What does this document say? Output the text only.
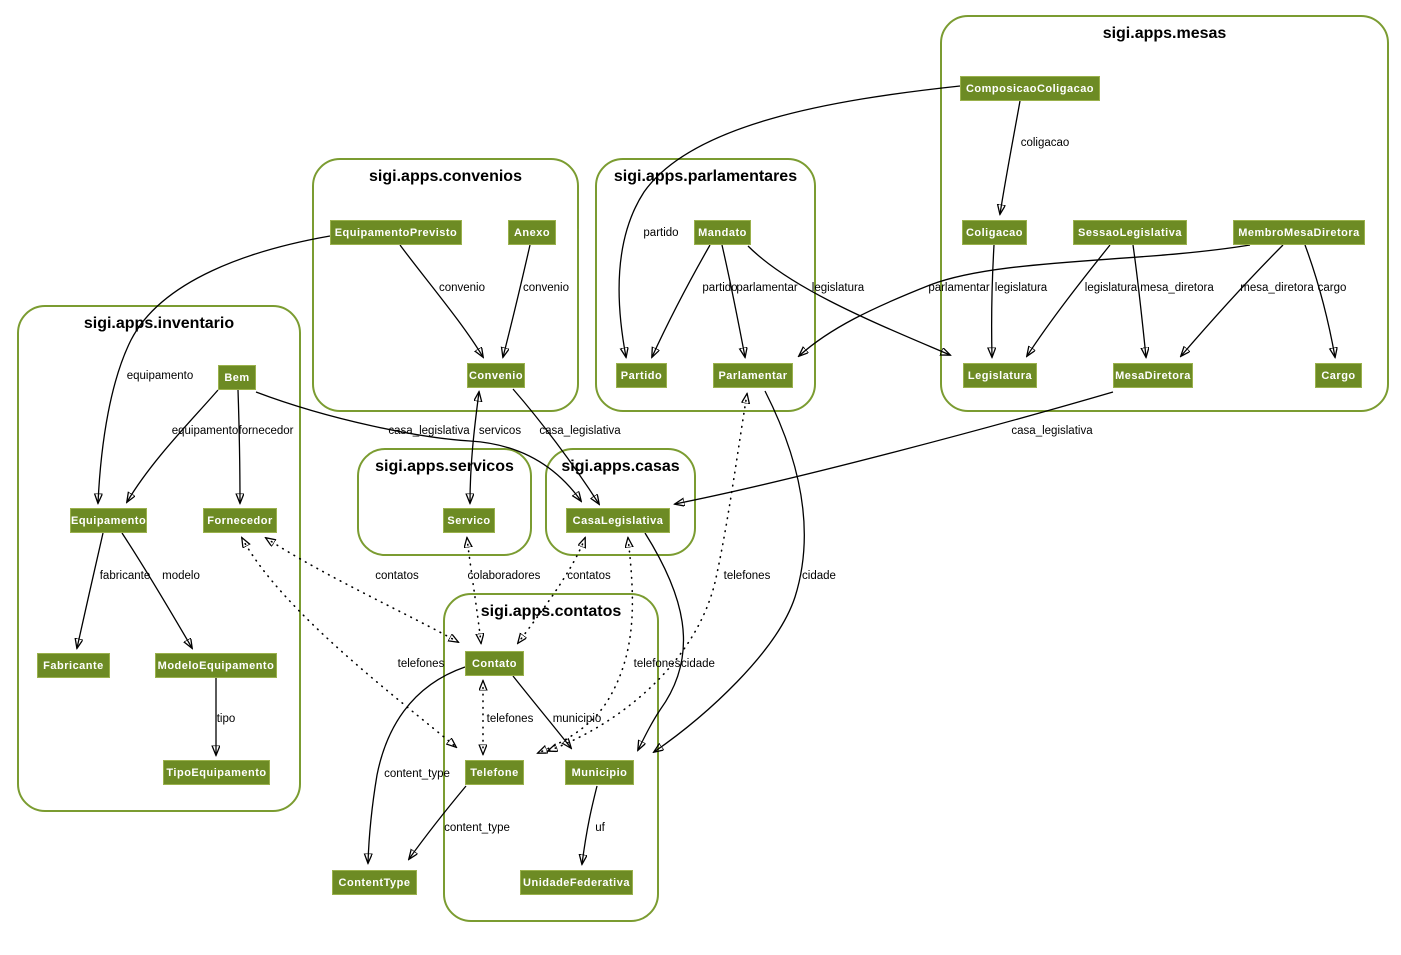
sigi.apps.mesas
sigi.apps.convenios	sigi.apps.parlamentares
sigi.apps.inventario
sigi.apps.servicos	sigi.apps.casas
sigi.apps.contatos
coligacao
legislatura	legislatura mesa_diretora mesa_diretora cargo
partido
parlamentar
partido
parlamentar legislatura
convenio	convenio
equipamento
equipamento fornecedor
fabricante modelo
tipo
casa_legislativa	casa_legislativa	casa_legislativa
servicos
cidade
cidade
municipio
telefones
content_type
content_type	uf
contatos
telefones
colaboradores contatos
telefones
telefones
ComposicaoColigacao
Coligacao	SessaoLegislativa	MembroMesaDiretora
Legislatura	MesaDiretora	Cargo
EquipamentoPrevisto	Anexo
Convenio
Mandato
Partido	Parlamentar
Bem
Equipamento	Fornecedor
Fabricante	ModeloEquipamento
TipoEquipamento
Servico	CasaLegislativa
Contato
Telefone	Municipio
UnidadeFederativa
ContentType
